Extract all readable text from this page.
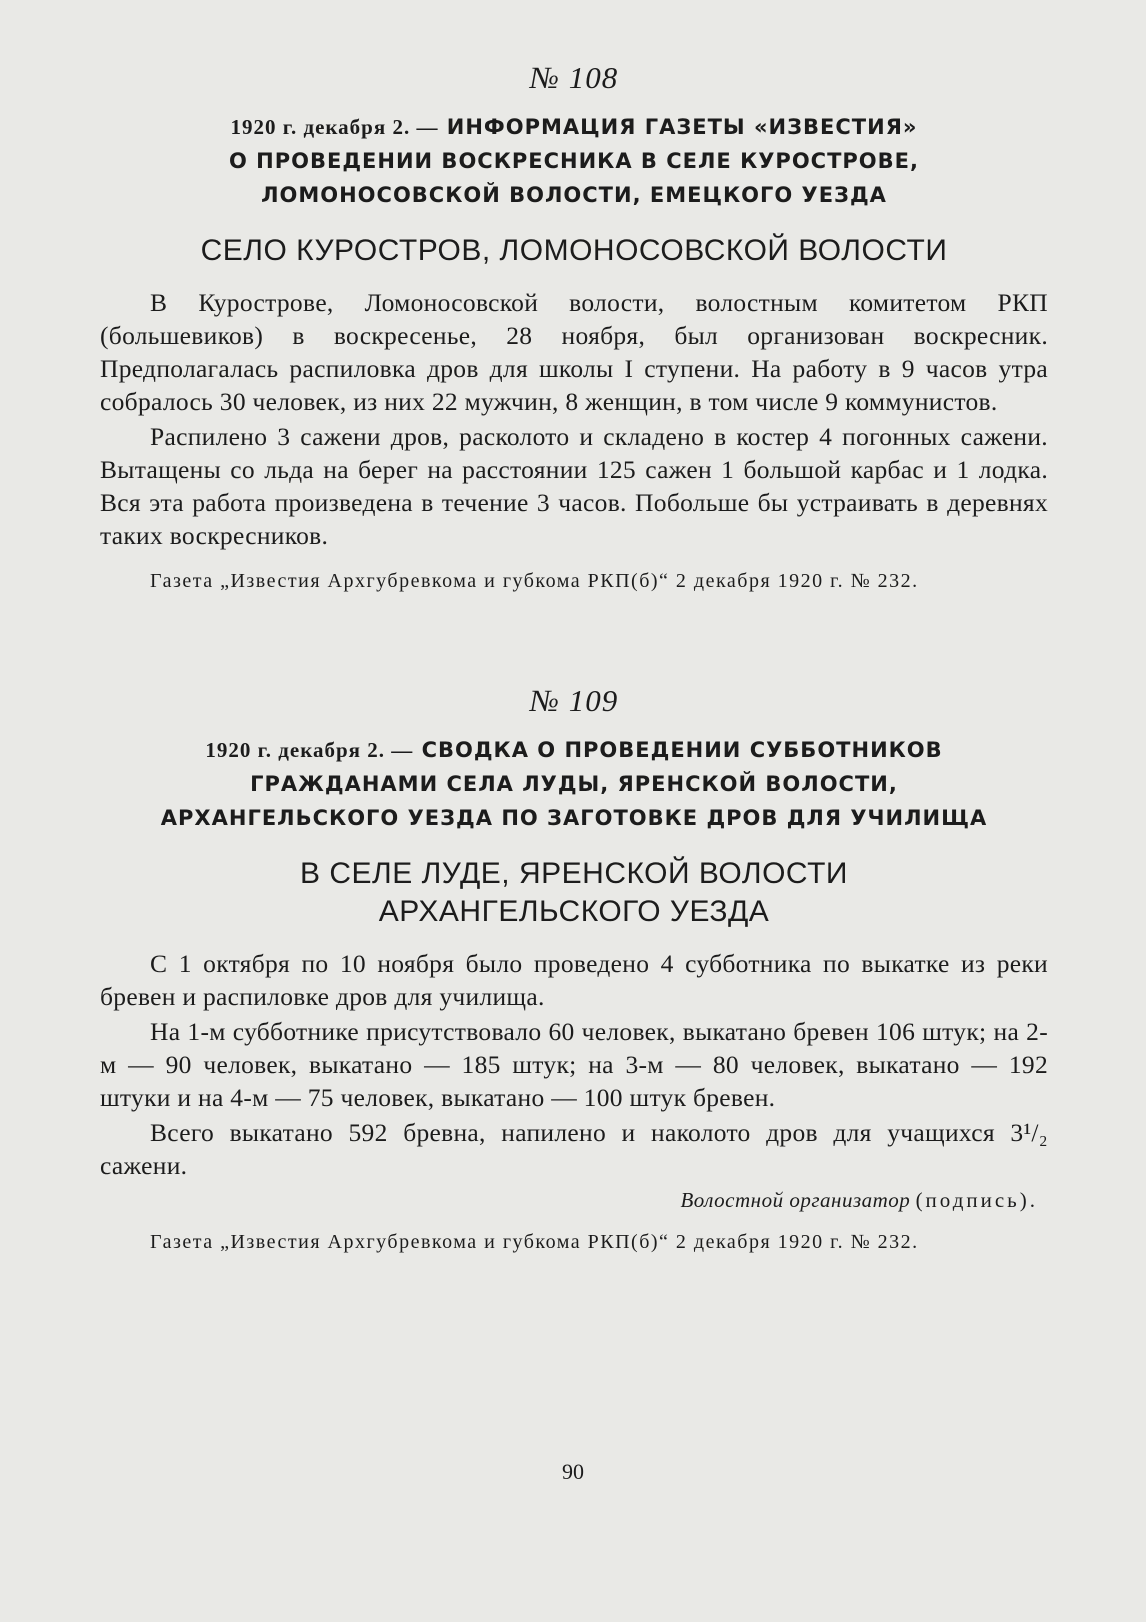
№ 108
1920 г. декабря 2. — ИНФОРМАЦИЯ ГАЗЕТЫ «ИЗВЕСТИЯ»
О ПРОВЕДЕНИИ ВОСКРЕСНИКА В СЕЛЕ КУРОСТРОВЕ,
ЛОМОНОСОВСКОЙ ВОЛОСТИ, ЕМЕЦКОГО УЕЗДА
СЕЛО КУРОСТРОВ, ЛОМОНОСОВСКОЙ ВОЛОСТИ

В Куростровe, Ломоносовской волости, волостным комитетом РКП (большевиков) в воскресенье, 28 ноября, был организован воскресник. Предполагалась распиловка дров для школы I ступени. На работу в 9 часов утра собралось 30 человек, из них 22 мужчин, 8 женщин, в том числе 9 коммунистов.

Распилено 3 сажени дров, расколото и складено в костер 4 погонных сажени. Вытащены со льда на берег на расстоянии 125 сажен 1 большой карбас и 1 лодка. Вся эта работа произведена в течение 3 часов. Побольше бы устраивать в деревнях таких воскресников.

Газета „Известия Архгубревкома и губкома РКП(б)“ 2 декабря 1920 г. № 232.
№ 109
1920 г. декабря 2. — СВОДКА О ПРОВЕДЕНИИ СУББОТНИКОВ
ГРАЖДАНАМИ СЕЛА ЛУДЫ, ЯРЕНСКОЙ ВОЛОСТИ,
АРХАНГЕЛЬСКОГО УЕЗДА ПО ЗАГОТОВКЕ ДРОВ ДЛЯ УЧИЛИЩА
В СЕЛЕ ЛУДЕ, ЯРЕНСКОЙ ВОЛОСТИ
АРХАНГЕЛЬСКОГО УЕЗДА

С 1 октября по 10 ноября было проведено 4 субботника по выкатке из реки бревен и распиловке дров для училища.

На 1-м субботнике присутствовало 60 человек, выкатано бревен 106 штук; на 2-м — 90 человек, выкатано — 185 штук; на 3-м — 80 человек, выкатано — 192 штуки и на 4-м — 75 человек, выкатано — 100 штук бревен.

Всего выкатано 592 бревна, напилено и наколото дров для учащихся 3¹/₂ сажени.

Волостной организатор (подпись).
Газета „Известия Архгубревкома и губкома РКП(б)“ 2 декабря 1920 г. № 232.
90
